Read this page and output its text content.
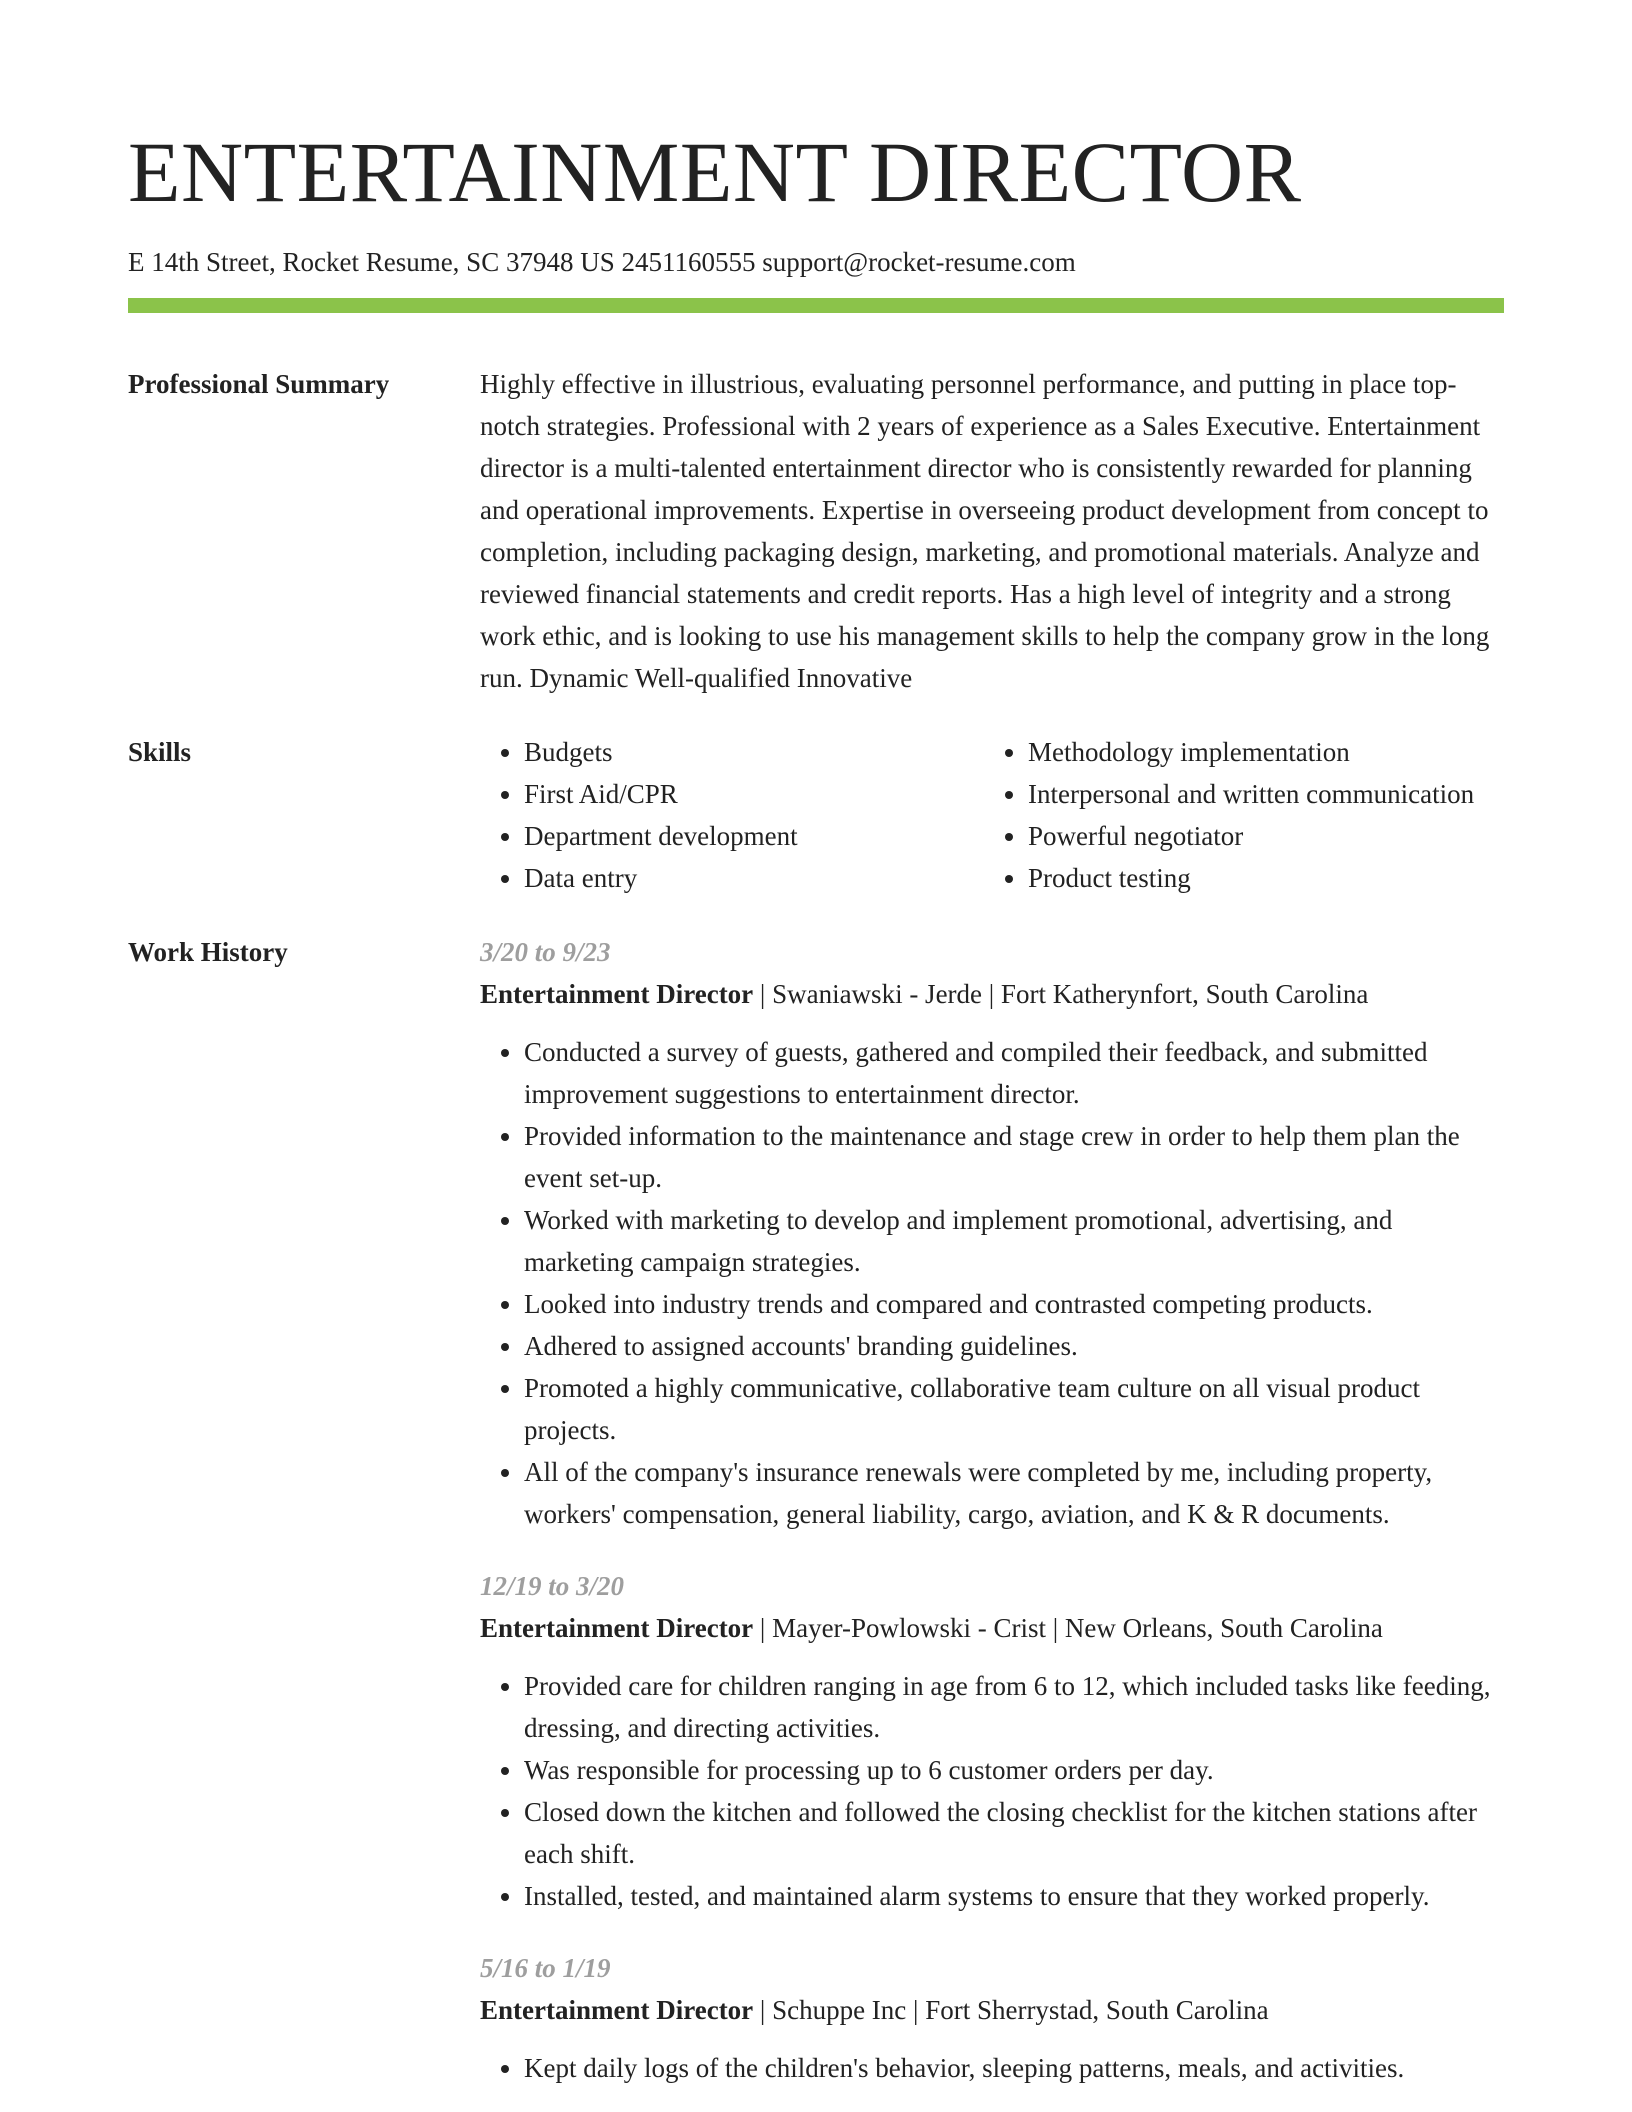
ENTERTAINMENT DIRECTOR
E 14th Street, Rocket Resume, SC 37948 US 2451160555 support@rocket-resume.com
Professional Summary	Highly effective in illustrious, evaluating personnel performance, and putting in place top-notch strategies. Professional with 2 years of experience as a Sales Executive. Entertainment director is a multi-talented entertainment director who is consistently rewarded for planning and operational improvements. Expertise in overseeing product development from concept to completion, including packaging design, marketing, and promotional materials. Analyze and reviewed financial statements and credit reports. Has a high level of integrity and a strong work ethic, and is looking to use his management skills to help the company grow in the long run. Dynamic Well-qualified Innovative
Skills
•	Budgets
• First Aid/CPR
• Department development
• Data entry
• Methodology implementation
• Interpersonal and written communication
• Powerful negotiator
• Product testing
Work History	3/20 to 9/23
Entertainment Director | Swaniawski - Jerde | Fort Katherynfort, South Carolina
• Conducted a survey of guests, gathered and compiled their feedback, and submitted improvement suggestions to entertainment director.
• Provided information to the maintenance and stage crew in order to help them plan the event set-up.
• Worked with marketing to develop and implement promotional, advertising, and marketing campaign strategies.
• Looked into industry trends and compared and contrasted competing products.
• Adhered to assigned accounts' branding guidelines.
• Promoted a highly communicative, collaborative team culture on all visual product projects.
• All of the company's insurance renewals were completed by me, including property, workers' compensation, general liability, cargo, aviation, and K & R documents.
12/19 to 3/20
Entertainment Director | Mayer-Powlowski - Crist | New Orleans, South Carolina
• Provided care for children ranging in age from 6 to 12, which included tasks like feeding, dressing, and directing activities.
• Was responsible for processing up to 6 customer orders per day.
• Closed down the kitchen and followed the closing checklist for the kitchen stations after each shift.
• Installed, tested, and maintained alarm systems to ensure that they worked properly.
5/16 to 1/19
Entertainment Director | Schuppe Inc | Fort Sherrystad, South Carolina
• Kept daily logs of the children's behavior, sleeping patterns, meals, and activities.
